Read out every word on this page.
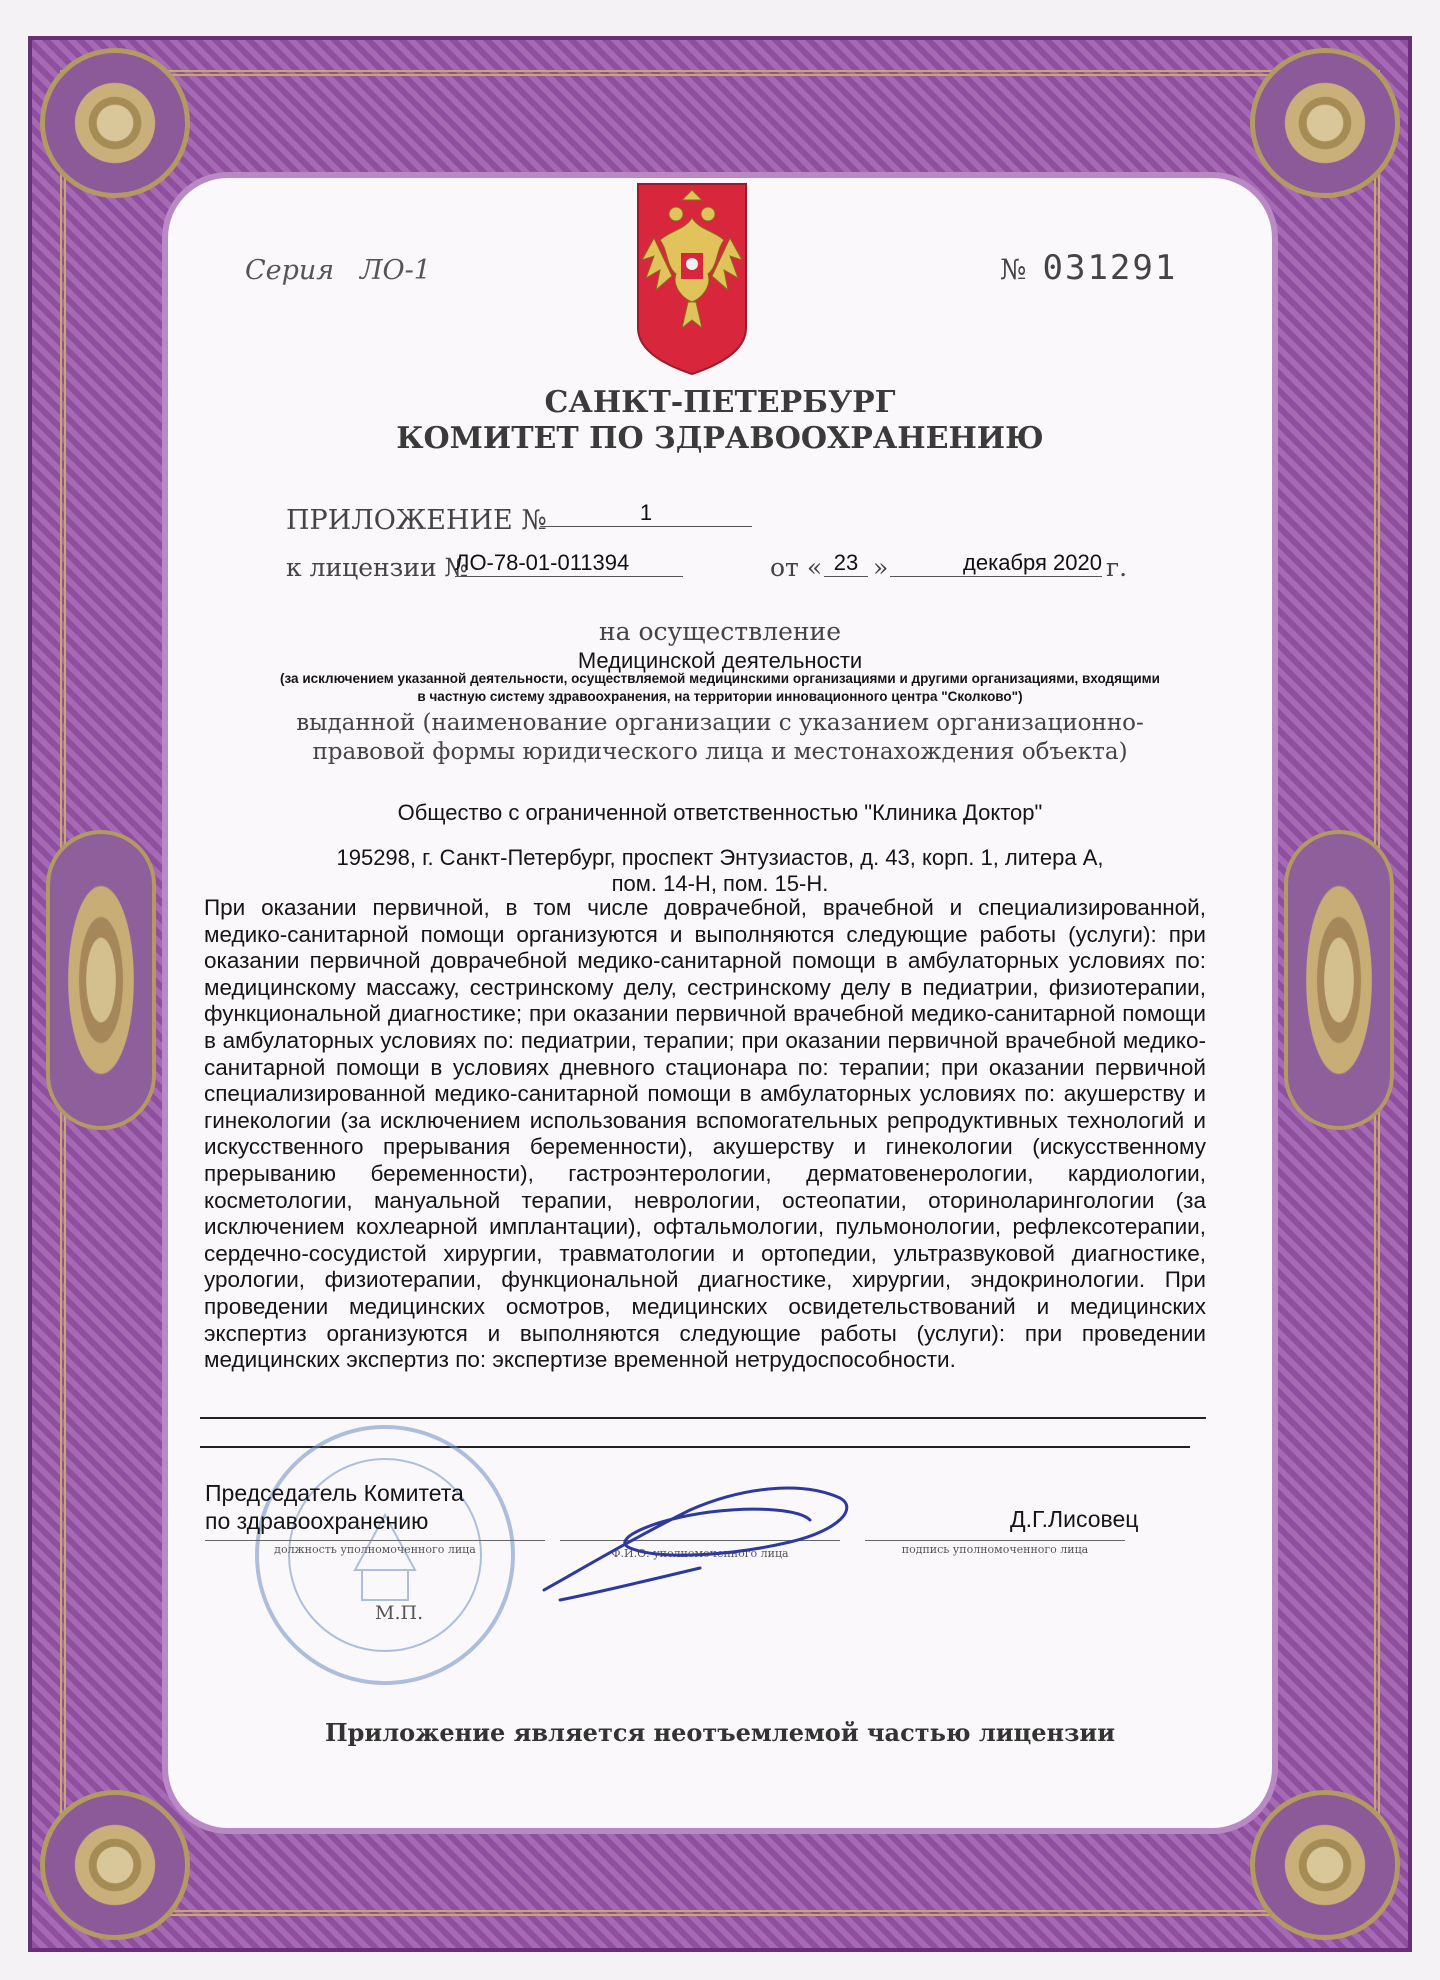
Серия ЛО-1	№ 031291
САНКТ-ПЕТЕРБУРГ
КОМИТЕТ ПО ЗДРАВООХРАНЕНИЮ
ПРИЛОЖЕНИЕ №	1
к лицензии №
ЛО-78-01-011394	от « 23 »	декабря 2020 г.
на осуществление
Медицинской деятельности
(за исключением указанной деятельности, осуществляемой медицинскими организациями и другими организациями, входящими
в частную систему здравоохранения, на территории инновационного центра "Сколково")
выданной (наименование организации с указанием организационно-
правовой формы юридического лица и местонахождения объекта)
Общество с ограниченной ответственностью "Клиника Доктор"
195298, г. Санкт-Петербург, проспект Энтузиастов, д. 43, корп. 1, литера А,
пом. 14-Н, пом. 15-Н.
При оказании первичной, в том числе доврачебной, врачебной и специализированной, медико-санитарной помощи организуются и выполняются следующие работы (услуги): при оказании первичной доврачебной медико-санитарной помощи в амбулаторных условиях по: медицинскому массажу, сестринскому делу, сестринскому делу в педиатрии, физиотерапии, функциональной диагностике; при оказании первичной врачебной медико-санитарной помощи в амбулаторных условиях по: педиатрии, терапии; при оказании первичной врачебной медико-санитарной помощи в условиях дневного стационара по: терапии; при оказании первичной специализированной медико-санитарной помощи в амбулаторных условиях по: акушерству и гинекологии (за исключением использования вспомогательных репродуктивных технологий и искусственного прерывания беременности), акушерству и гинекологии (искусственному прерыванию беременности), гастроэнтерологии, дерматовенерологии, кардиологии, косметологии, мануальной терапии, неврологии, остеопатии, оториноларингологии (за исключением кохлеарной имплантации), офтальмологии, пульмонологии, рефлексотерапии, сердечно-сосудистой хирургии, травматологии и ортопедии, ультразвуковой диагностике, урологии, физиотерапии, функциональной диагностике, хирургии, эндокринологии. При проведении медицинских осмотров, медицинских освидетельствований и медицинских экспертиз организуются и выполняются следующие работы (услуги): при проведении медицинских экспертиз по: экспертизе временной нетрудоспособности.
Председатель Комитета
по здравоохранению
должность уполномоченного лица	Ф.И.О. уполномоченного лица
Д.Г.Лисовец
подпись уполномоченного лица
М.П.
Приложение является неотъемлемой частью лицензии
